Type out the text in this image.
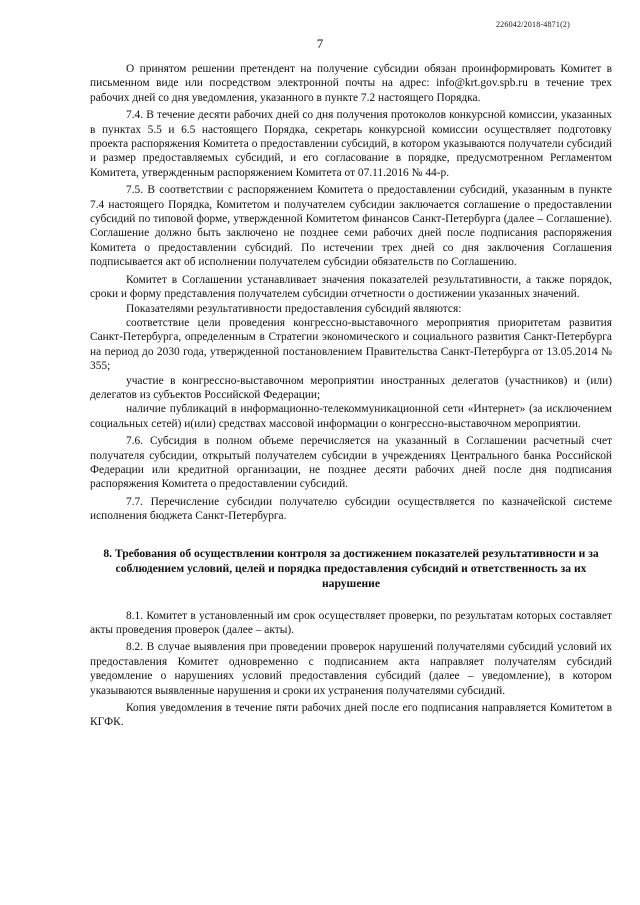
226042/2018-4871(2)
7

О принятом решении претендент на получение субсидии обязан проинформировать Комитет в письменном виде или посредством электронной почты на адрес: info@krt.gov.spb.ru в течение трех рабочих дней со дня уведомления, указанного в пункте 7.2 настоящего Порядка.

7.4. В течение десяти рабочих дней со дня получения протоколов конкурсной комиссии, указанных в пунктах 5.5 и 6.5 настоящего Порядка, секретарь конкурсной комиссии осуществляет подготовку проекта распоряжения Комитета о предоставлении субсидий, в котором указываются получатели субсидий и размер предоставляемых субсидий, и его согласование в порядке, предусмотренном Регламентом Комитета, утвержденным распоряжением Комитета от 07.11.2016 № 44-р.

7.5. В соответствии с распоряжением Комитета о предоставлении субсидий, указанным в пункте 7.4 настоящего Порядка, Комитетом и получателем субсидии заключается соглашение о предоставлении субсидий по типовой форме, утвержденной Комитетом финансов Санкт-Петербурга (далее – Соглашение). Соглашение должно быть заключено не позднее семи рабочих дней после подписания распоряжения Комитета о предоставлении субсидий. По истечении трех дней со дня заключения Соглашения подписывается акт об исполнении получателем субсидии обязательств по Соглашению.

Комитет в Соглашении устанавливает значения показателей результативности, а также порядок, сроки и форму представления получателем субсидии отчетности о достижении указанных значений.

Показателями результативности предоставления субсидий являются:

соответствие цели проведения конгрессно-выставочного мероприятия приоритетам развития Санкт-Петербурга, определенным в Стратегии экономического и социального развития Санкт-Петербурга на период до 2030 года, утвержденной постановлением Правительства Санкт-Петербурга от 13.05.2014 № 355;

участие в конгрессно-выставочном мероприятии иностранных делегатов (участников) и (или) делегатов из субъектов Российской Федерации;

наличие публикаций в информационно-телекоммуникационной сети «Интернет» (за исключением социальных сетей) и(или) средствах массовой информации о конгрессно-выставочном мероприятии.

7.6. Субсидия в полном объеме перечисляется на указанный в Соглашении расчетный счет получателя субсидии, открытый получателем субсидии в учреждениях Центрального банка Российской Федерации или кредитной организации, не позднее десяти рабочих дней после дня подписания распоряжения Комитета о предоставлении субсидий.

7.7. Перечисление субсидии получателю субсидии осуществляется по казначейской системе исполнения бюджета Санкт-Петербурга.

8. Требования об осуществлении контроля за достижением показателей результативности и за соблюдением условий, целей и порядка предоставления субсидий и ответственность за их нарушение

8.1. Комитет в установленный им срок осуществляет проверки, по результатам которых составляет акты проведения проверок (далее – акты).

8.2. В случае выявления при проведении проверок нарушений получателями субсидий условий их предоставления Комитет одновременно с подписанием акта направляет получателям субсидий уведомление о нарушениях условий предоставления субсидий (далее – уведомление), в котором указываются выявленные нарушения и сроки их устранения получателями субсидий.

Копия уведомления в течение пяти рабочих дней после его подписания направляется Комитетом в КГФК.
